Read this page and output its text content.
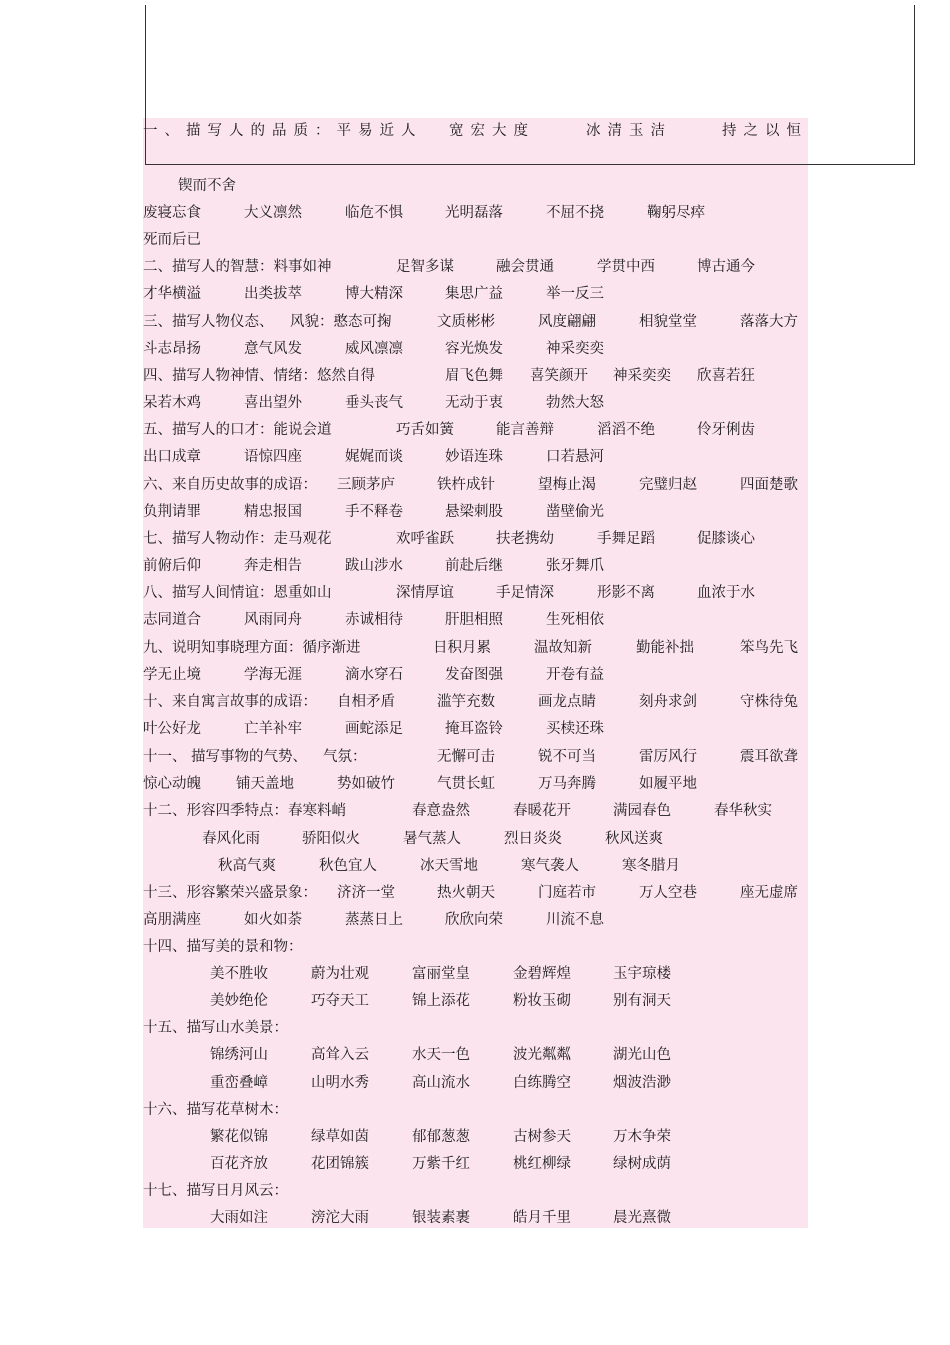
一、描写人的品质：平易近人 宽宏大度	冰清玉洁	持之以恒
锲而不舍
废寝忘食	大义凛然	临危不惧	光明磊落	不屈不挠	鞠躬尽瘁
死而后已
二、描写人的智慧：料事如神	足智多谋	融会贯通	学贯中西	博古通今
才华横溢	出类拔萃	博大精深	集思广益	举一反三
三、描写人物仪态、 风貌：憨态可掬	文质彬彬	风度翩翩	相貌堂堂	落落大方
斗志昂扬	意气风发	威风凛凛	容光焕发	神采奕奕
四、描写人物神情、情绪：悠然自得	眉飞色舞 喜笑颜开 神采奕奕 欣喜若狂
呆若木鸡	喜出望外	垂头丧气	无动于衷	勃然大怒
五、描写人的口才：能说会道	巧舌如簧	能言善辩	滔滔不绝	伶牙俐齿
出口成章	语惊四座	娓娓而谈	妙语连珠	口若悬河
六、来自历史故事的成语： 三顾茅庐	铁杵成针	望梅止渴	完璧归赵	四面楚歌
负荆请罪	精忠报国	手不释卷	悬梁刺股	凿壁偷光
七、描写人物动作：走马观花	欢呼雀跃	扶老携幼	手舞足蹈	促膝谈心
前俯后仰	奔走相告	跋山涉水	前赴后继	张牙舞爪
八、描写人间情谊：恩重如山	深情厚谊	手足情深	形影不离	血浓于水
志同道合	风雨同舟	赤诚相待	肝胆相照	生死相依
九、说明知事晓理方面：循序渐进	日积月累	温故知新	勤能补拙	笨鸟先飞
学无止境	学海无涯	滴水穿石	发奋图强	开卷有益
十、来自寓言故事的成语： 自相矛盾	滥竽充数	画龙点睛	刻舟求剑	守株待兔
叶公好龙	亡羊补牢	画蛇添足	掩耳盗铃	买椟还珠
十一、 描写事物的气势、 气氛：	无懈可击	锐不可当	雷厉风行	震耳欲聋
惊心动魄 铺天盖地	势如破竹	气贯长虹	万马奔腾	如履平地
十二、形容四季特点：春寒料峭	春意盎然	春暖花开	满园春色	春华秋实
春风化雨	骄阳似火	暑气蒸人	烈日炎炎	秋风送爽
秋高气爽	秋色宜人	冰天雪地	寒气袭人	寒冬腊月
十三、形容繁荣兴盛景象： 济济一堂	热火朝天	门庭若市	万人空巷	座无虚席
高朋满座	如火如荼	蒸蒸日上	欣欣向荣	川流不息
十四、描写美的景和物：
美不胜收	蔚为壮观	富丽堂皇	金碧辉煌	玉宇琼楼
美妙绝伦	巧夺天工	锦上添花	粉妆玉砌	别有洞天
十五、描写山水美景：
锦绣河山	高耸入云	水天一色	波光粼粼	湖光山色
重峦叠嶂	山明水秀	高山流水	白练腾空	烟波浩渺
十六、描写花草树木：
繁花似锦	绿草如茵	郁郁葱葱	古树参天	万木争荣
百花齐放	花团锦簇	万紫千红	桃红柳绿	绿树成荫
十七、描写日月风云：
大雨如注	滂沱大雨	银装素裹	皓月千里	晨光熹微
